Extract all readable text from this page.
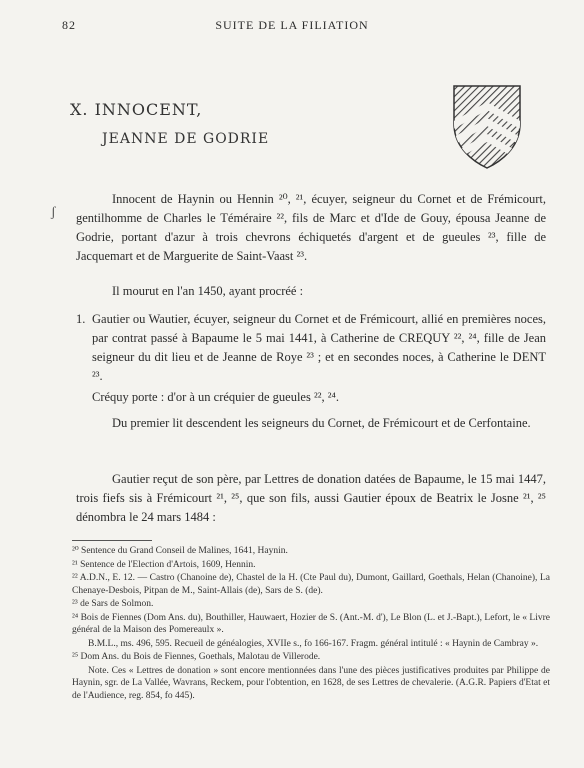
82	SUITE DE LA FILIATION
X. INNOCENT,
JEANNE DE GODRIE
ʃ
Innocent de Haynin ou Hennin ²⁰, ²¹, écuyer, seigneur du Cornet et de Frémicourt, gentilhomme de Charles le Téméraire ²², fils de Marc et d'Ide de Gouy, épousa Jeanne de Godrie, portant d'azur à trois chevrons échiquetés d'argent et de gueules ²³, fille de Jacquemart et de Marguerite de Saint-Vaast ²³.
Il mourut en l'an 1450, ayant procréé :
1. Gautier ou Wautier, écuyer, seigneur du Cornet et de Frémicourt, allié en premières noces, par contrat passé à Bapaume le 5 mai 1441, à Catherine de CREQUY ²², ²⁴, fille de Jean seigneur du dit lieu et de Jeanne de Roye ²³ ; et en secondes noces, à Catherine le DENT ²³.
Créquy porte : d'or à un créquier de gueules ²², ²⁴.
Du premier lit descendent les seigneurs du Cornet, de Frémicourt et de Cerfontaine.
Gautier reçut de son père, par Lettres de donation datées de Bapaume, le 15 mai 1447, trois fiefs sis à Frémicourt ²¹, ²⁵, que son fils, aussi Gautier époux de Beatrix le Josne ²¹, ²⁵ dénombra le 24 mars 1484 :

²⁰ Sentence du Grand Conseil de Malines, 1641, Haynin.

²¹ Sentence de l'Election d'Artois, 1609, Hennin.

²² A.D.N., E. 12. — Castro (Chanoine de), Chastel de la H. (Cte Paul du), Dumont, Gaillard, Goethals, Helan (Chanoine), La Chenaye-Desbois, Pitpan de M., Saint-Allais (de), Sars de S. (de).

²³ de Sars de Solmon.

²⁴ Bois de Fiennes (Dom Ans. du), Bouthiller, Hauwaert, Hozier de S. (Ant.-M. d'), Le Blon (L. et J.-Bapt.), Lefort, le « Livre général de la Maison des Pomereaulx ».

B.M.L., ms. 496, 595. Recueil de généalogies, XVIIe s., fo 166-167. Fragm. général intitulé : « Haynin de Cambray ».

²⁵ Dom Ans. du Bois de Fiennes, Goethals, Malotau de Villerode.

Note. Ces « Lettres de donation » sont encore mentionnées dans l'une des pièces justificatives produites par Philippe de Haynin, sgr. de La Vallée, Wavrans, Reckem, pour l'obtention, en 1628, de ses Lettres de chevalerie. (A.G.R. Papiers d'Etat et de l'Audience, reg. 854, fo 445).
